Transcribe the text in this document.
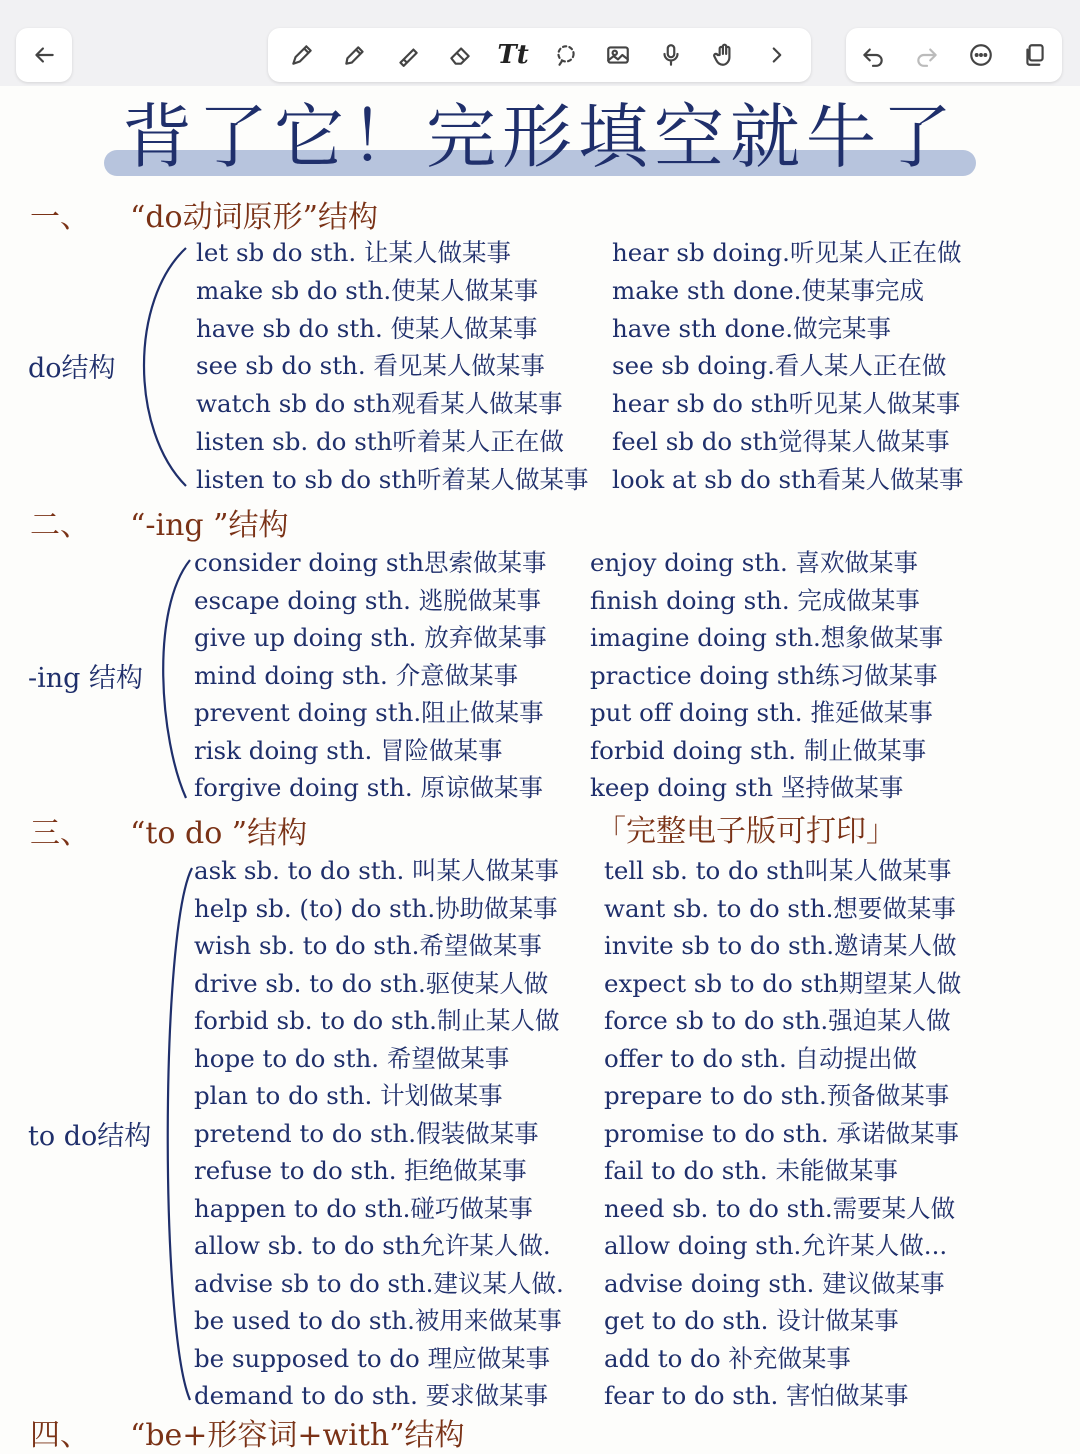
Tt
背了它！完形填空就牛了
一、 “do动词原形”结构
do结构
let sb do sth. 让某人做某事
make sb do sth.使某人做某事
have sb do sth. 使某人做某事
see sb do sth. 看见某人做某事
watch sb do sth观看某人做某事
listen sb. do sth听着某人正在做
listen to sb do sth听着某人做某事
hear sb doing.听见某人正在做
make sth done.使某事完成
have sth done.做完某事
see sb doing.看人某人正在做
hear sb do sth听见某人做某事
feel sb do sth觉得某人做某事
look at sb do sth看某人做某事
二、 “-ing ”结构
-ing 结构
consider doing sth思索做某事
escape doing sth. 逃脱做某事
give up doing sth. 放弃做某事
mind doing sth. 介意做某事
prevent doing sth.阻止做某事
risk doing sth. 冒险做某事
forgive doing sth. 原谅做某事
enjoy doing sth. 喜欢做某事
finish doing sth. 完成做某事
imagine doing sth.想象做某事
practice doing sth练习做某事
put off doing sth. 推延做某事
forbid doing sth. 制止做某事
keep doing sth 坚持做某事
三、 “to do ”结构	「完整电子版可打印」
to do结构
ask sb. to do sth. 叫某人做某事
help sb. (to) do sth.协助做某事
wish sb. to do sth.希望做某事
drive sb. to do sth.驱使某人做
forbid sb. to do sth.制止某人做
hope to do sth. 希望做某事
plan to do sth. 计划做某事
pretend to do sth.假装做某事
refuse to do sth. 拒绝做某事
happen to do sth.碰巧做某事
allow sb. to do sth允许某人做.
advise sb to do sth.建议某人做.
be used to do sth.被用来做某事
be supposed to do 理应做某事
demand to do sth. 要求做某事
tell sb. to do sth叫某人做某事
want sb. to do sth.想要做某事
invite sb to do sth.邀请某人做
expect sb to do sth期望某人做
force sb to do sth.强迫某人做
offer to do sth. 自动提出做
prepare to do sth.预备做某事
promise to do sth. 承诺做某事
fail to do sth. 未能做某事
need sb. to do sth.需要某人做
allow doing sth.允许某人做...
advise doing sth. 建议做某事
get to do sth. 设计做某事
add to do 补充做某事
fear to do sth. 害怕做某事
四、 “be+形容词+with”结构
